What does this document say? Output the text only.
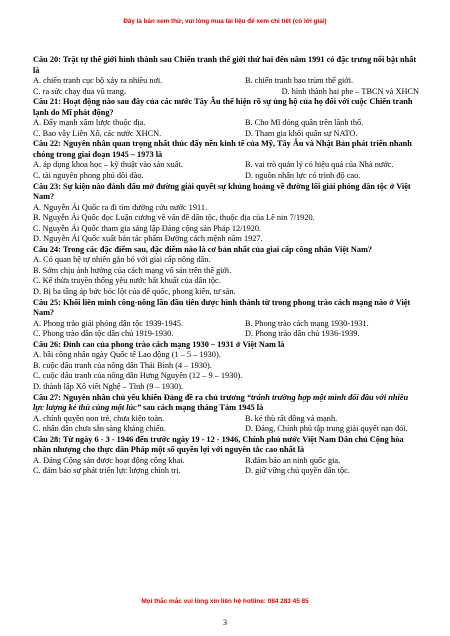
Đây là bản xem thử, vui lòng mua tài liệu để xem chi tiết (có lời giải)
Câu 20: Trật tự thế giới hình thành sau Chiến tranh thế giới thứ hai đến năm 1991 có đặc trưng nổi bật nhất là
A. chiến tranh cục bộ xảy ra nhiều nơi.	B. chiến tranh bao trùm thế giới.
C. ra sức chạy đua vũ trang.	D. hình thành hai phe – TBCN và XHCN
Câu 21: Hoạt động nào sau đây của các nước Tây Âu thể hiện rõ sự ủng hộ của họ đối với cuộc Chiến tranh lạnh do Mĩ phát động?
A. Đẩy mạnh xâm lược thuộc địa.	B. Cho Mĩ đóng quân trên lãnh thổ.
C. Bao vây Liên Xô, các nước XHCN.	D. Tham gia khối quân sự NATO.
Câu 22: Nguyên nhân quan trọng nhất thúc đẩy nền kinh tế của Mỹ, Tây Âu và Nhật Bản phát triển nhanh chóng trong giai đoạn 1945 – 1973 là
A. áp dụng khoa học – kỹ thuật vào sản xuất.	B. vai trò quản lý có hiệu quả của Nhà nước.
C. tài nguyên phong phú dồi dào.	D. nguồn nhân lực có trình độ cao.
Câu 23: Sự kiện nào đánh dấu mở đường giải quyết sự khủng hoảng về đường lối giải phóng dân tộc ở Việt Nam?
A. Nguyễn Ái Quốc ra đi tìm đường cứu nước 1911.
B. Nguyễn Ái Quốc đọc Luận cương về vấn đề dân tộc, thuộc địa của Lê nin 7/1920.
C. Nguyễn Ái Quốc tham gia sáng lập Đảng cộng sản Pháp 12/1920.
D. Nguyễn Ái Quốc xuất bản tác phẩm Đường cách mệnh năm 1927.
Câu 24: Trong các đặc điểm sau, đặc điểm nào là cơ bản nhất của giai cấp công nhân Việt Nam?
A. Có quan hệ tự nhiên gắn bó với giai cấp nông dân.
B. Sớm chịu ảnh hưởng của cách mạng vô sản trên thế giới.
C. Kế thừa truyền thống yêu nước bất khuất của dân tộc.
D. Bị ba tầng áp bức bóc lột của đế quốc, phong kiến, tư sản.
Câu 25: Khối liên minh công-nông lần đầu tiên được hình thành từ trong phong trào cách mạng nào ở Việt Nam?
A. Phong trào giải phóng dân tộc 1939-1945.	B. Phong trào cách mạng 1930-1931.
C. Phong trào dân tộc dân chủ 1919-1930.	D. Phong trào dân chủ 1936-1939.
Câu 26: Đỉnh cao của phong trào cách mạng 1930 – 1931 ở Việt Nam là
A. bãi công nhân ngày Quốc tế Lao động (1 – 5 – 1930).
B. cuộc đấu tranh của nông dân Thái Bình (4 – 1930).
C. cuộc đấu tranh của nông dân Hưng Nguyên (12 – 9 – 1930).
D. thành lập Xô viết Nghệ – Tĩnh (9 – 1930).
Câu 27: Nguyên nhân chủ yếu khiến Đảng đề ra chủ trương “tránh trường hợp một mình đối đầu với nhiều lực lượng kẻ thù cùng một lúc” sau cách mạng tháng Tám 1945 là
A. chính quyền non trẻ, chưa kiện toàn.	B. kẻ thù rất đông và mạnh.
C. nhân dân chưa sẵn sàng kháng chiến.	D. Đảng, Chính phủ tập trung giải quyết nạn đói.
Câu 28: Từ ngày 6 - 3 - 1946 đến trước ngày 19 - 12 - 1946, Chính phủ nước Việt Nam Dân chủ Cộng hòa nhân nhượng cho thực dân Pháp một số quyền lợi với nguyên tắc cao nhất là
A. Đảng Cộng sản được hoạt động công khai.	B.đảm bảo an ninh quốc gia.
C. đảm bảo sự phát triển lực lượng chính trị.	D. giữ vững chủ quyền dân tộc.
Mọi thắc mắc vui lòng xin liên hệ hotline: 084 283 45 85
3
